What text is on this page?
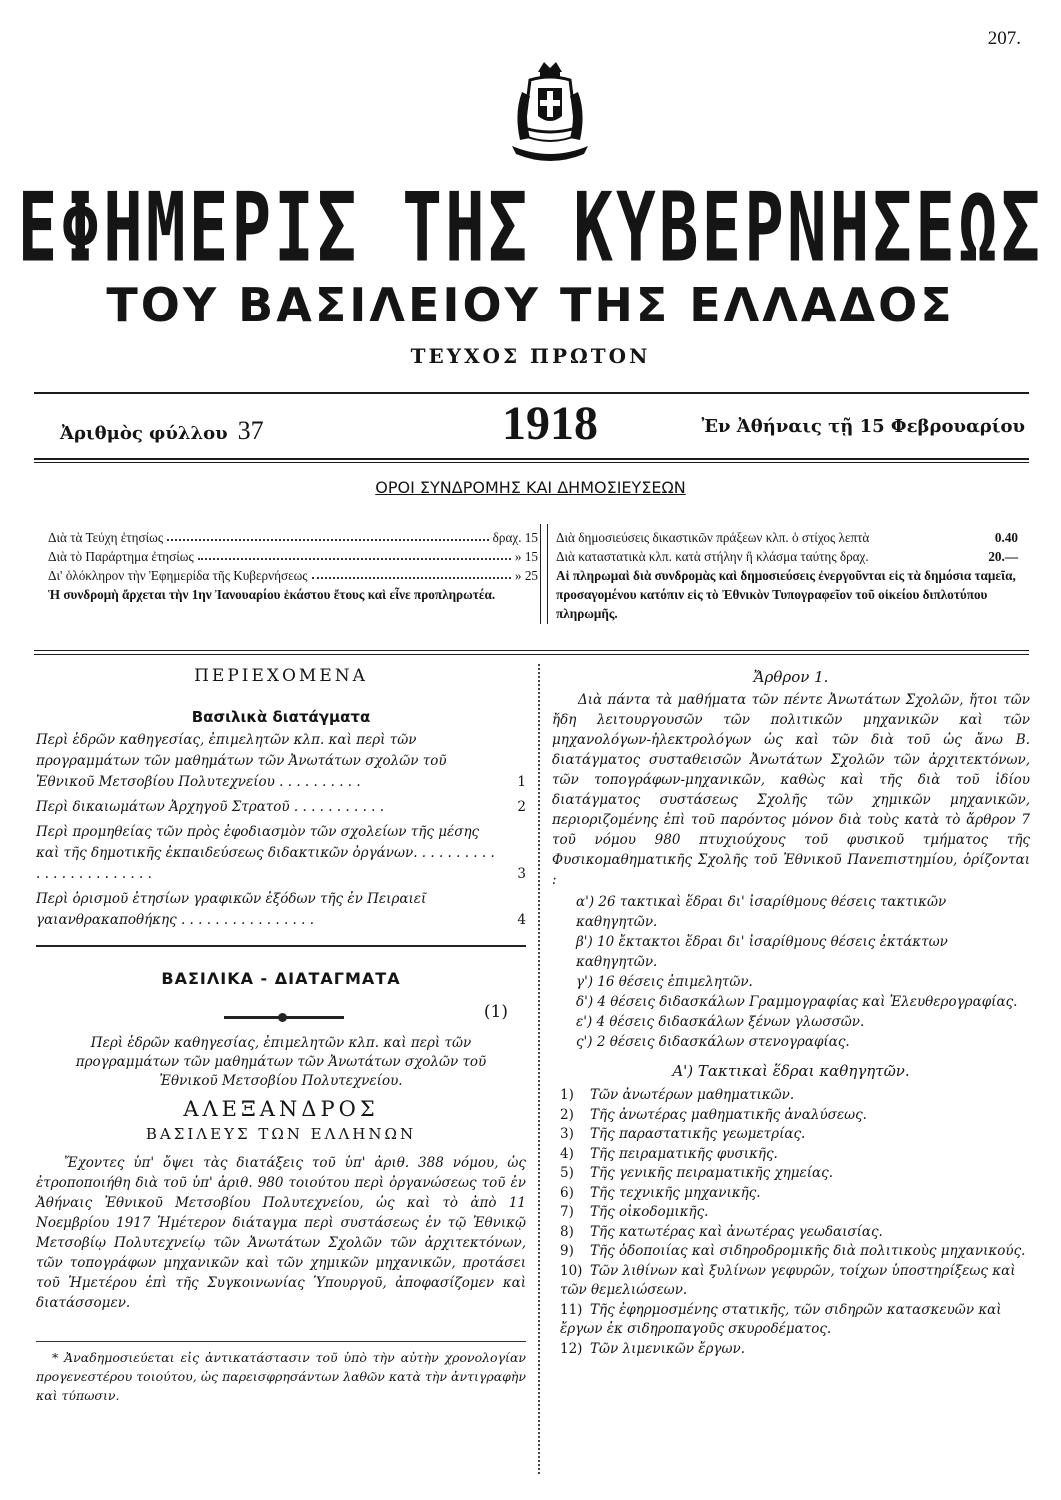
207.
ΕΦΗΜΕΡΙΣ ΤΗΣ ΚΥΒΕΡΝΗΣΕΩΣ
ΤΟΥ ΒΑΣΙΛΕΙΟΥ ΤΗΣ ΕΛΛΑΔΟΣ
ΤΕΥΧΟΣ ΠΡΩΤΟΝ
Ἀριθμὸς φύλλου 37	1918	Ἐν Ἀθήναις τῇ 15 Φεβρουαρίου
ΟΡΟΙ ΣΥΝΔΡΟΜΗΣ ΚΑΙ ΔΗΜΟΣΙΕΥΣΕΩΝ
Διὰ τὰ Τεύχη ἐτησίως	δραχ. 15
Διὰ τὸ Παράρτημα ἐτησίως	» 15
Δι' ὁλόκληρον τὴν Ἐφημερίδα τῆς Κυβερνήσεως	» 25
Ἡ συνδρομὴ ἄρχεται τὴν 1ην Ἰανουαρίου ἑκάστου ἔτους καὶ εἶνε προπληρωτέα.
Διὰ δημοσιεύσεις δικαστικῶν πράξεων κλπ. ὁ στίχος λεπτὰ	0.40
Διὰ καταστατικὰ κλπ. κατὰ στήλην ἢ κλάσμα ταύτης δραχ.	20.—
Αἱ πληρωμαὶ διὰ συνδρομὰς καὶ δημοσιεύσεις ἐνεργοῦνται εἰς τὰ δημόσια ταμεῖα, προσαγομένου κατόπιν εἰς τὸ Ἐθνικὸν Τυπογραφεῖον τοῦ οἰκείου διπλοτύπου πληρωμῆς.
ΠΕΡΙΕΧΟΜΕΝΑ
Βασιλικὰ διατάγματα
Περὶ ἑδρῶν καθηγεσίας, ἐπιμελητῶν κλπ. καὶ περὶ τῶν προγραμμάτων τῶν μαθημάτων τῶν Ἀνωτάτων σχολῶν τοῦ Ἐθνικοῦ Μετσοβίου Πολυτεχνείου . . . . . . . . . .	1
Περὶ δικαιωμάτων Ἀρχηγοῦ Στρατοῦ . . . . . . . . . . .	2
Περὶ προμηθείας τῶν πρὸς ἐφοδιασμὸν τῶν σχολείων τῆς μέσης καὶ τῆς δημοτικῆς ἐκπαιδεύσεως διδακτικῶν ὀργάνων. . . . . . . . . . . . . . . . . . . . . . . .	3
Περὶ ὁρισμοῦ ἐτησίων γραφικῶν ἐξόδων τῆς ἐν Πειραιεῖ γαιανθρακαποθήκης . . . . . . . . . . . . . . . .	4
ΒΑΣΙΛΙΚΑ - ΔΙΑΤΑΓΜΑΤΑ
(1)
Περὶ ἑδρῶν καθηγεσίας, ἐπιμελητῶν κλπ. καὶ περὶ τῶν προγραμμάτων τῶν μαθημάτων τῶν Ἀνωτάτων σχολῶν τοῦ Ἐθνικοῦ Μετσοβίου Πολυτεχνείου.
ΑΛΕΞΑΝΔΡΟΣ
ΒΑΣΙΛΕΥΣ ΤΩΝ ΕΛΛΗΝΩΝ
Ἔχοντες ὑπ' ὄψει τὰς διατάξεις τοῦ ὑπ' ἀριθ. 388 νόμου, ὡς ἐτροποποιήθη διὰ τοῦ ὑπ' ἀριθ. 980 τοιούτου περὶ ὀργανώσεως τοῦ ἐν Ἀθήναις Ἐθνικοῦ Μετσοβίου Πολυτεχνείου, ὡς καὶ τὸ ἀπὸ 11 Νοεμβρίου 1917 Ἡμέτερον διάταγμα περὶ συστάσεως ἐν τῷ Ἐθνικῷ Μετσοβίῳ Πολυτεχνείῳ τῶν Ἀνωτάτων Σχολῶν τῶν ἀρχιτεκτόνων, τῶν τοπογράφων μηχανικῶν καὶ τῶν χημικῶν μηχανικῶν, προτάσει τοῦ Ἡμετέρου ἐπὶ τῆς Συγκοινωνίας Ὑπουργοῦ, ἀποφασίζομεν καὶ διατάσσομεν.
* Ἀναδημοσιεύεται εἰς ἀντικατάστασιν τοῦ ὑπὸ τὴν αὐτὴν χρονολογίαν προγενεστέρου τοιούτου, ὡς παρεισφρησάντων λαθῶν κατὰ τὴν ἀντιγραφὴν καὶ τύπωσιν.
Ἄρθρον 1.
Διὰ πάντα τὰ μαθήματα τῶν πέντε Ἀνωτάτων Σχολῶν, ἤτοι τῶν ἤδη λειτουργουσῶν τῶν πολιτικῶν μηχανικῶν καὶ τῶν μηχανολόγων-ἠλεκτρολόγων ὡς καὶ τῶν διὰ τοῦ ὡς ἄνω Β. διατάγματος συσταθεισῶν Ἀνωτάτων Σχολῶν τῶν ἀρχιτεκτόνων, τῶν τοπογράφων-μηχανικῶν, καθὼς καὶ τῆς διὰ τοῦ ἰδίου διατάγματος συστάσεως Σχολῆς τῶν χημικῶν μηχανικῶν, περιοριζομένης ἐπὶ τοῦ παρόντος μόνον διὰ τοὺς κατὰ τὸ ἄρθρον 7 τοῦ νόμου 980 πτυχιούχους τοῦ φυσικοῦ τμήματος τῆς Φυσικομαθηματικῆς Σχολῆς τοῦ Ἐθνικοῦ Πανεπιστημίου, ὁρίζονται :
α') 26 τακτικαὶ ἕδραι δι' ἰσαρίθμους θέσεις τακτικῶν καθηγητῶν.
β') 10 ἔκτακτοι ἕδραι δι' ἰσαρίθμους θέσεις ἐκτάκτων καθηγητῶν.
γ') 16 θέσεις ἐπιμελητῶν.
δ') 4 θέσεις διδασκάλων Γραμμογραφίας καὶ Ἐλευθερογραφίας.
ε') 4 θέσεις διδασκάλων ξένων γλωσσῶν.
ς') 2 θέσεις διδασκάλων στενογραφίας.
Α') Τακτικαὶ ἕδραι καθηγητῶν.
1) Τῶν ἀνωτέρων μαθηματικῶν.
2) Τῆς ἀνωτέρας μαθηματικῆς ἀναλύσεως.
3) Τῆς παραστατικῆς γεωμετρίας.
4) Τῆς πειραματικῆς φυσικῆς.
5) Τῆς γενικῆς πειραματικῆς χημείας.
6) Τῆς τεχνικῆς μηχανικῆς.
7) Τῆς οἰκοδομικῆς.
8) Τῆς κατωτέρας καὶ ἀνωτέρας γεωδαισίας.
9) Τῆς ὁδοποιίας καὶ σιδηροδρομικῆς διὰ πολιτικοὺς μηχανικούς.
10) Τῶν λιθίνων καὶ ξυλίνων γεφυρῶν, τοίχων ὑποστηρίξεως καὶ τῶν θεμελιώσεων.
11) Τῆς ἐφηρμοσμένης στατικῆς, τῶν σιδηρῶν κατασκευῶν καὶ ἔργων ἐκ σιδηροπαγοῦς σκυροδέματος.
12) Τῶν λιμενικῶν ἔργων.
